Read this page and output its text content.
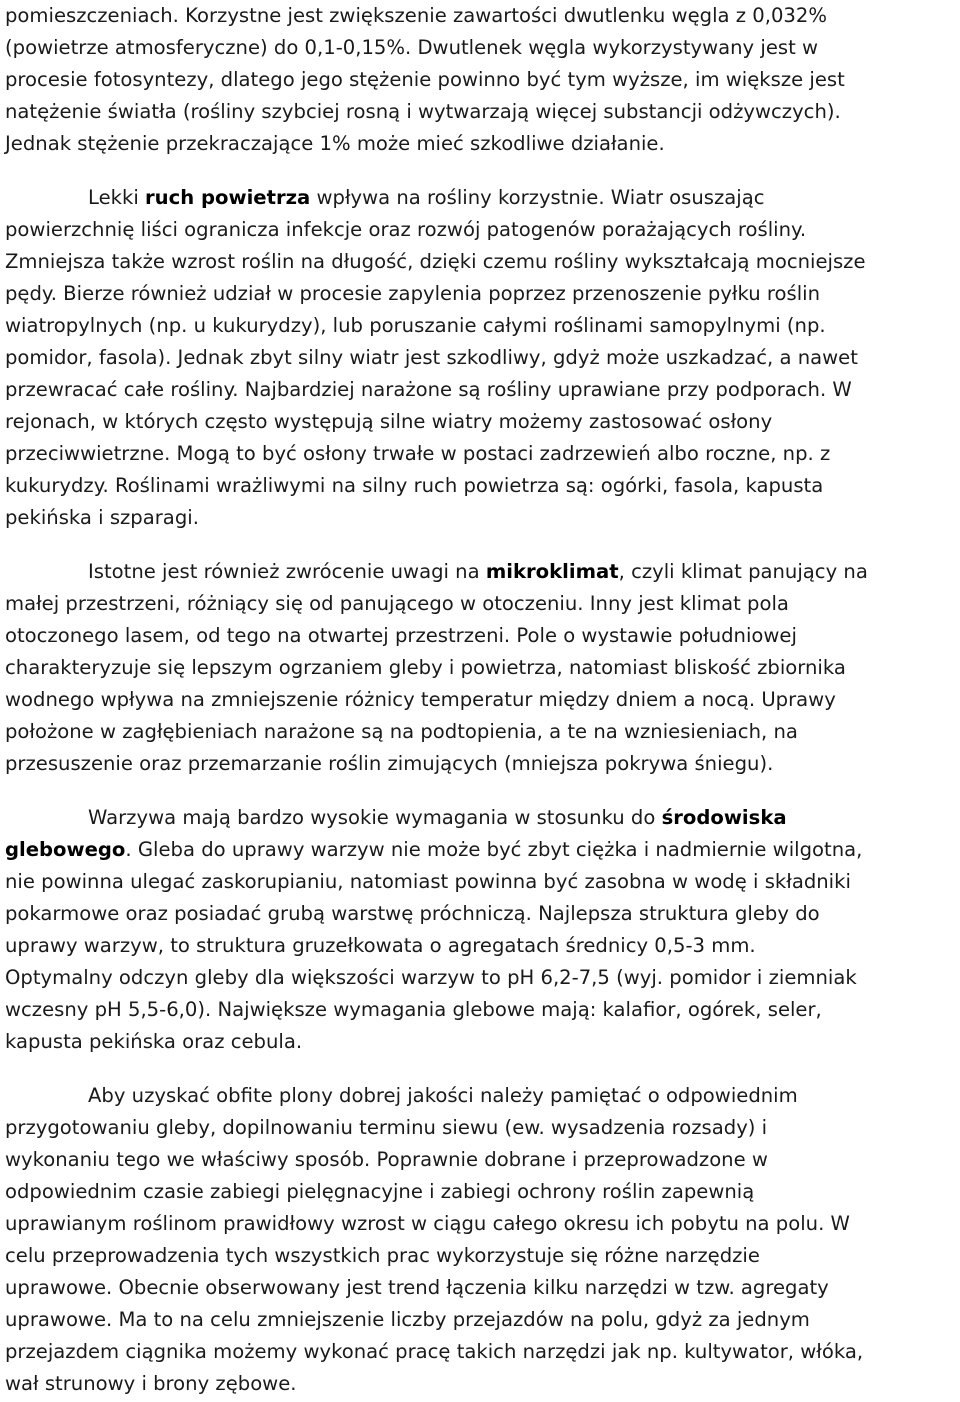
pomieszczeniach. Korzystne jest zwiększenie zawartości dwutlenku węgla z 0,032%
(powietrze atmosferyczne) do 0,1-0,15%. Dwutlenek węgla wykorzystywany jest w
procesie fotosyntezy, dlatego jego stężenie powinno być tym wyższe, im większe jest
natężenie światła (rośliny szybciej rosną i wytwarzają więcej substancji odżywczych).
Jednak stężenie przekraczające 1% może mieć szkodliwe działanie.
Lekki ruch powietrza wpływa na rośliny korzystnie. Wiatr osuszając
powierzchnię liści ogranicza infekcje oraz rozwój patogenów porażających rośliny.
Zmniejsza także wzrost roślin na długość, dzięki czemu rośliny wykształcają mocniejsze
pędy. Bierze również udział w procesie zapylenia poprzez przenoszenie pyłku roślin
wiatropylnych (np. u kukurydzy), lub poruszanie całymi roślinami samopylnymi (np.
pomidor, fasola). Jednak zbyt silny wiatr jest szkodliwy, gdyż może uszkadzać, a nawet
przewracać całe rośliny. Najbardziej narażone są rośliny uprawiane przy podporach. W
rejonach, w których często występują silne wiatry możemy zastosować osłony
przeciwwietrzne. Mogą to być osłony trwałe w postaci zadrzewień albo roczne, np. z
kukurydzy. Roślinami wrażliwymi na silny ruch powietrza są: ogórki, fasola, kapusta
pekińska i szparagi.
Istotne jest również zwrócenie uwagi na mikroklimat, czyli klimat panujący na
małej przestrzeni, różniący się od panującego w otoczeniu. Inny jest klimat pola
otoczonego lasem, od tego na otwartej przestrzeni. Pole o wystawie południowej
charakteryzuje się lepszym ogrzaniem gleby i powietrza, natomiast bliskość zbiornika
wodnego wpływa na zmniejszenie różnicy temperatur między dniem a nocą. Uprawy
położone w zagłębieniach narażone są na podtopienia, a te na wzniesieniach, na
przesuszenie oraz przemarzanie roślin zimujących (mniejsza pokrywa śniegu).
Warzywa mają bardzo wysokie wymagania w stosunku do środowiska
glebowego. Gleba do uprawy warzyw nie może być zbyt ciężka i nadmiernie wilgotna,
nie powinna ulegać zaskorupianiu, natomiast powinna być zasobna w wodę i składniki
pokarmowe oraz posiadać grubą warstwę próchniczą. Najlepsza struktura gleby do
uprawy warzyw, to struktura gruzełkowata o agregatach średnicy 0,5-3 mm.
Optymalny odczyn gleby dla większości warzyw to pH 6,2-7,5 (wyj. pomidor i ziemniak
wczesny pH 5,5-6,0). Największe wymagania glebowe mają: kalafior, ogórek, seler,
kapusta pekińska oraz cebula.
Aby uzyskać obfite plony dobrej jakości należy pamiętać o odpowiednim
przygotowaniu gleby, dopilnowaniu terminu siewu (ew. wysadzenia rozsady) i
wykonaniu tego we właściwy sposób. Poprawnie dobrane i przeprowadzone w
odpowiednim czasie zabiegi pielęgnacyjne i zabiegi ochrony roślin zapewnią
uprawianym roślinom prawidłowy wzrost w ciągu całego okresu ich pobytu na polu. W
celu przeprowadzenia tych wszystkich prac wykorzystuje się różne narzędzie
uprawowe. Obecnie obserwowany jest trend łączenia kilku narzędzi w tzw. agregaty
uprawowe. Ma to na celu zmniejszenie liczby przejazdów na polu, gdyż za jednym
przejazdem ciągnika możemy wykonać pracę takich narzędzi jak np. kultywator, włóka,
wał strunowy i brony zębowe.
